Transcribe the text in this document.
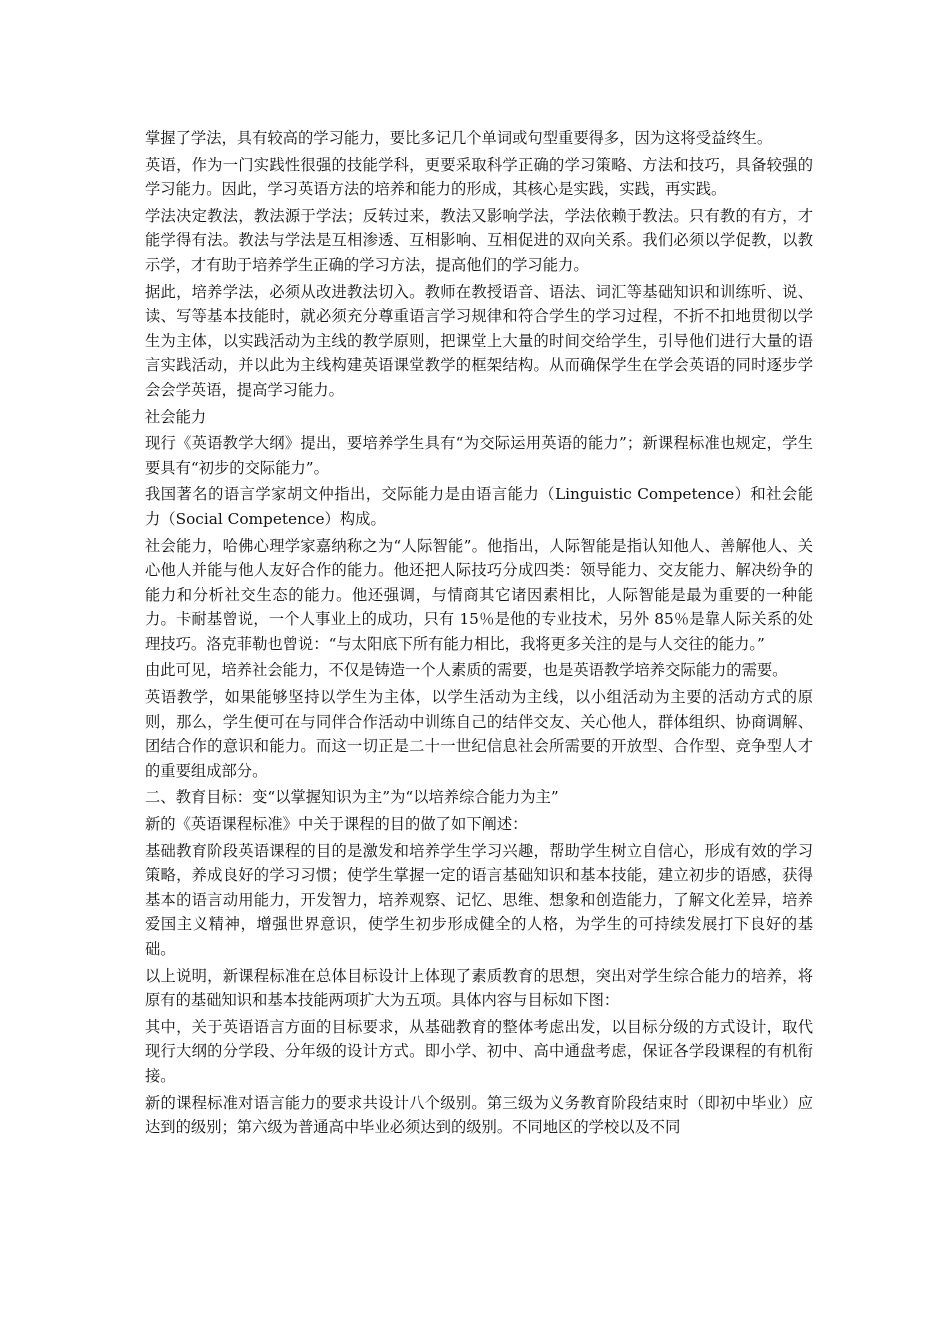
掌握了学法，具有较高的学习能力，要比多记几个单词或句型重要得多，因为这将受益终生。

英语，作为一门实践性很强的技能学科，更要采取科学正确的学习策略、方法和技巧，具备较强的学习能力。因此，学习英语方法的培养和能力的形成，其核心是实践，实践，再实践。

学法决定教法，教法源于学法；反转过来，教法又影响学法，学法依赖于教法。只有教的有方，才能学得有法。教法与学法是互相渗透、互相影响、互相促进的双向关系。我们必须以学促教，以教示学，才有助于培养学生正确的学习方法，提高他们的学习能力。

据此，培养学法，必须从改进教法切入。教师在教授语音、语法、词汇等基础知识和训练听、说、读、写等基本技能时，就必须充分尊重语言学习规律和符合学生的学习过程，不折不扣地贯彻以学生为主体，以实践活动为主线的教学原则，把课堂上大量的时间交给学生，引导他们进行大量的语言实践活动，并以此为主线构建英语课堂教学的框架结构。从而确保学生在学会英语的同时逐步学会会学英语，提高学习能力。

社会能力

现行《英语教学大纲》提出，要培养学生具有“为交际运用英语的能力”；新课程标准也规定，学生要具有“初步的交际能力”。

我国著名的语言学家胡文仲指出，交际能力是由语言能力（Linguistic Competence）和社会能力（Social Competence）构成。

社会能力，哈佛心理学家嘉纳称之为“人际智能”。他指出，人际智能是指认知他人、善解他人、关心他人并能与他人友好合作的能力。他还把人际技巧分成四类：领导能力、交友能力、解决纷争的能力和分析社交生态的能力。他还强调，与情商其它诸因素相比，人际智能是最为重要的一种能力。卡耐基曾说，一个人事业上的成功，只有 15％是他的专业技术，另外 85％是靠人际关系的处理技巧。洛克菲勒也曾说：“与太阳底下所有能力相比，我将更多关注的是与人交往的能力。”

由此可见，培养社会能力，不仅是铸造一个人素质的需要，也是英语教学培养交际能力的需要。

英语教学，如果能够坚持以学生为主体，以学生活动为主线，以小组活动为主要的活动方式的原则，那么，学生便可在与同伴合作活动中训练自己的结伴交友、关心他人，群体组织、协商调解、团结合作的意识和能力。而这一切正是二十一世纪信息社会所需要的开放型、合作型、竞争型人才的重要组成部分。

二、教育目标：变“以掌握知识为主”为“以培养综合能力为主”

新的《英语课程标准》中关于课程的目的做了如下阐述：

基础教育阶段英语课程的目的是激发和培养学生学习兴趣，帮助学生树立自信心，形成有效的学习策略，养成良好的学习习惯；使学生掌握一定的语言基础知识和基本技能，建立初步的语感，获得基本的语言动用能力，开发智力，培养观察、记忆、思维、想象和创造能力，了解文化差异，培养爱国主义精神，增强世界意识，使学生初步形成健全的人格，为学生的可持续发展打下良好的基础。

以上说明，新课程标准在总体目标设计上体现了素质教育的思想，突出对学生综合能力的培养，将原有的基础知识和基本技能两项扩大为五项。具体内容与目标如下图：

其中，关于英语语言方面的目标要求，从基础教育的整体考虑出发，以目标分级的方式设计，取代现行大纲的分学段、分年级的设计方式。即小学、初中、高中通盘考虑，保证各学段课程的有机衔接。

新的课程标准对语言能力的要求共设计八个级别。第三级为义务教育阶段结束时（即初中毕业）应达到的级别；第六级为普通高中毕业必须达到的级别。不同地区的学校以及不同
